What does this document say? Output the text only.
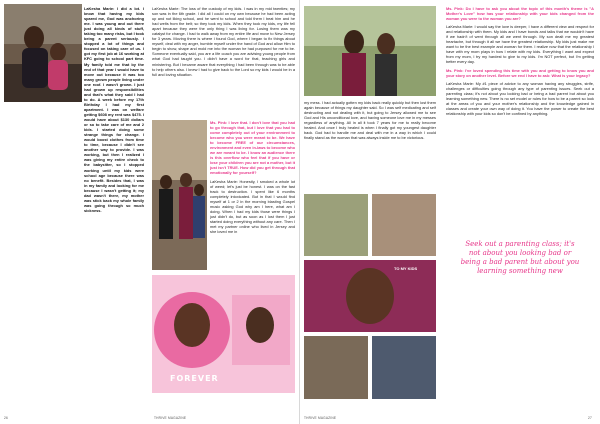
LaKesha Marie: I did a lot. I know that having my kids spared me, God was anchoring me. I was young and out there just doing all kinds of stuff, taking too many risks, but I took being a parent seriously. I stopped a lot of things and focused on taking care of us. I got my first job at 16 working at KFC going to school part time. My family told me that by the end of that year I would have to move out because it was too many grown people living under one roof. I wasn't grown. I just had grown up responsibilities and that's what they said I had to do. A week before my 17th Birthday I had my first apartment. I was on welfare getting $608 my rent was $475. I would have about $130 dollars or so to take care of me and 2 kids. I started doing some strange things for change. I would boost clothes from time to time, because I didn't see another way to provide. I was working, but then I realized I was giving my entire check to the babysitter, so I stopped working until my kids were school age because there was no benefit. Besides that, I was in my family and looking for me because I wasn't getting it; my dad wasn't there, my mother was stick back my whole family was going through so much sickness.

LaKesha Marie: The loss of the custody of my kids. I was in my mid twenties; my son was in the 6th grade. I did all I could on my own because he had been acting up and not liking school, and he went to school and told them I beat him and he had welts from the belt; so they took my kids. When they took my kids, my life fell apart because they were the only thing I was living for. Losing them was my catalyst for change. I had to walk away from my entire life and move to New Jersey for 3 years. Moving there is where I found God, where I began to fix things about myself, deal with my anger, humble myself under the hand of God and allow Him to begin to show, shape and mold me into the woman he had purposed for me to be. Someone eventually said, you are a life coach you are advising young people from what God had taught you. I didn't have a word for that, teaching girls and ministering. But I became aware that everything I had been through was to be able to help others also. I knew I had to give back to the Lord so my kids I would be in a full and loving situation.

Ms. Pink: I love that. I don't love that you had to go through that, but I love that you had to come completely out of your environment to become who you were meant to be. We have to become FREE of our circumstances, environment and even in-laws to become who we are meant to be. I know an audience there is this overflow who feel that if you have or lose your children you are not a mother, but it just isn't TRUE. How did you get through that emotionally for yourself?

LaKesha Marie: Honestly, I smoked a whole lot of weed; let's just be honest. I was on the fast track to destruction. I spent like 6 months completely intoxicated. But in that I would find myself at 1 or 2 in the morning blasting Gospel music asking God why am I here, what am I doing. When I had my kids those were things I just didn't do, but as soon as I lost them I just started doing everything without any care. Then I met my partner online who lived in Jersey and she loved me in

FOREVER
26	THRIVE MAGAZINE

my mess. I had actually gotten my kids back really quickly but then lost them again because of things my daughter said. So I was self medicating and self destructing and not dealing with it, but going to Jersey allowed me to see God and His unconditional love, and having someone love me in my messes regardless of anything. All in all it took 7 years for me to really become healed. And once I truly healed is when I finally got my youngest daughter back. God had to handle me and deal with me in a way in which I could finally stand as the woman that was always inside me to be victorious.

TO MY KIDS

Ms. Pink: Do I have to ask you about the topic of this month's theme is "A Mother's Love" how has your relationship with your kids changed from the woman you were to the woman you are?

LaKesha Marie: I would say the love is deeper, I have a different view and respect for and relationship with them. My kids and I have bonds and talks that we wouldn't have if we hadn't of went through all we went through. My son dealt me my greatest heartache, but through it all we have the greatest relationship. My kids just make me want to be the best example and woman for them. I realize now that the relationship I have with my mom plays in how I relate with my kids. Everything I want and expect from my mom, I try my hardest to give to my kids. I'm NOT perfect, but I'm getting better every day.

Ms. Pink: I've loved spending this time with you and getting to know you and your story on another level. Before we end I have to ask: What is your legacy?

LaKesha Marie: My #1 piece of advice to any woman having any struggles, strife, challenges or difficulties going through any type of parenting issues. Seek out a parenting class; it's not about you looking bad or being a bad parent but about you learning something new. There is no set model or rules for how to be a parent so look at the areas of you and your mother's relationship and the knowledge gained in classes and create your own way of doing it. You have the power to create the best relationship with your kids so don't be confined by anything.

Seek out a parenting class; it's not about you looking bad or being a bad parent but about you learning something new
THRIVE MAGAZINE	27
